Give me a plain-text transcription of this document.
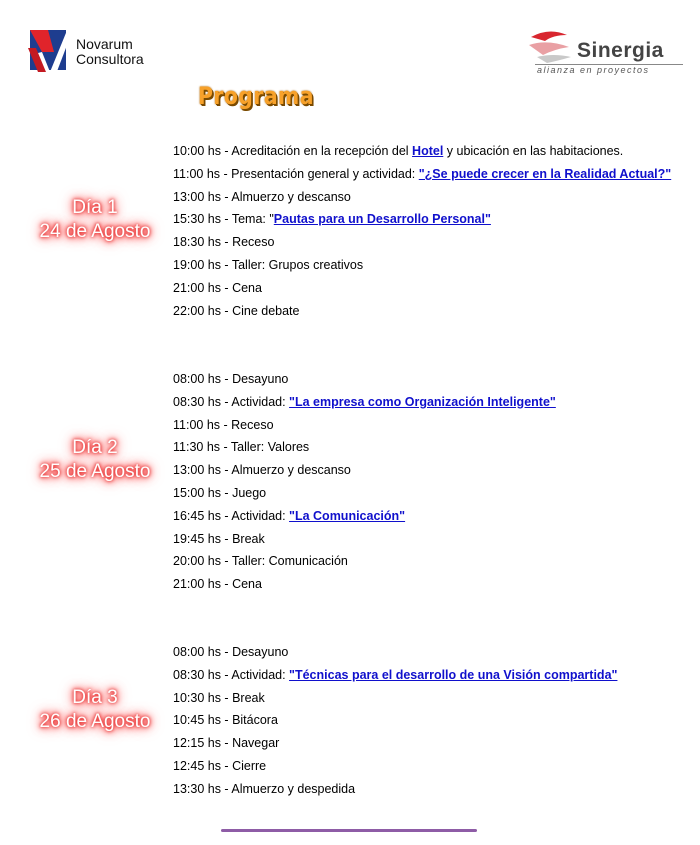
Novarum
Consultora	Sinergia
alianza en proyectos
Programa
Día 1
24 de Agosto
Día 2
25 de Agosto
Día 3
26 de Agosto
10:00 hs - Acreditación en la recepción del Hotel y ubicación en las habitaciones.
11:00 hs - Presentación general y actividad: "¿Se puede crecer en la Realidad Actual?"
13:00 hs - Almuerzo y descanso
15:30 hs - Tema: "Pautas para un Desarrollo Personal"
18:30 hs - Receso
19:00 hs - Taller: Grupos creativos
21:00 hs - Cena
22:00 hs - Cine debate
08:00 hs - Desayuno
08:30 hs - Actividad: "La empresa como Organización Inteligente"
11:00 hs - Receso
11:30 hs - Taller: Valores
13:00 hs - Almuerzo y descanso
15:00 hs - Juego
16:45 hs - Actividad: "La Comunicación"
19:45 hs - Break
20:00 hs - Taller: Comunicación
21:00 hs - Cena
08:00 hs - Desayuno
08:30 hs - Actividad: "Técnicas para el desarrollo de una Visión compartida"
10:30 hs - Break
10:45 hs - Bitácora
12:15 hs - Navegar
12:45 hs - Cierre
13:30 hs - Almuerzo y despedida
